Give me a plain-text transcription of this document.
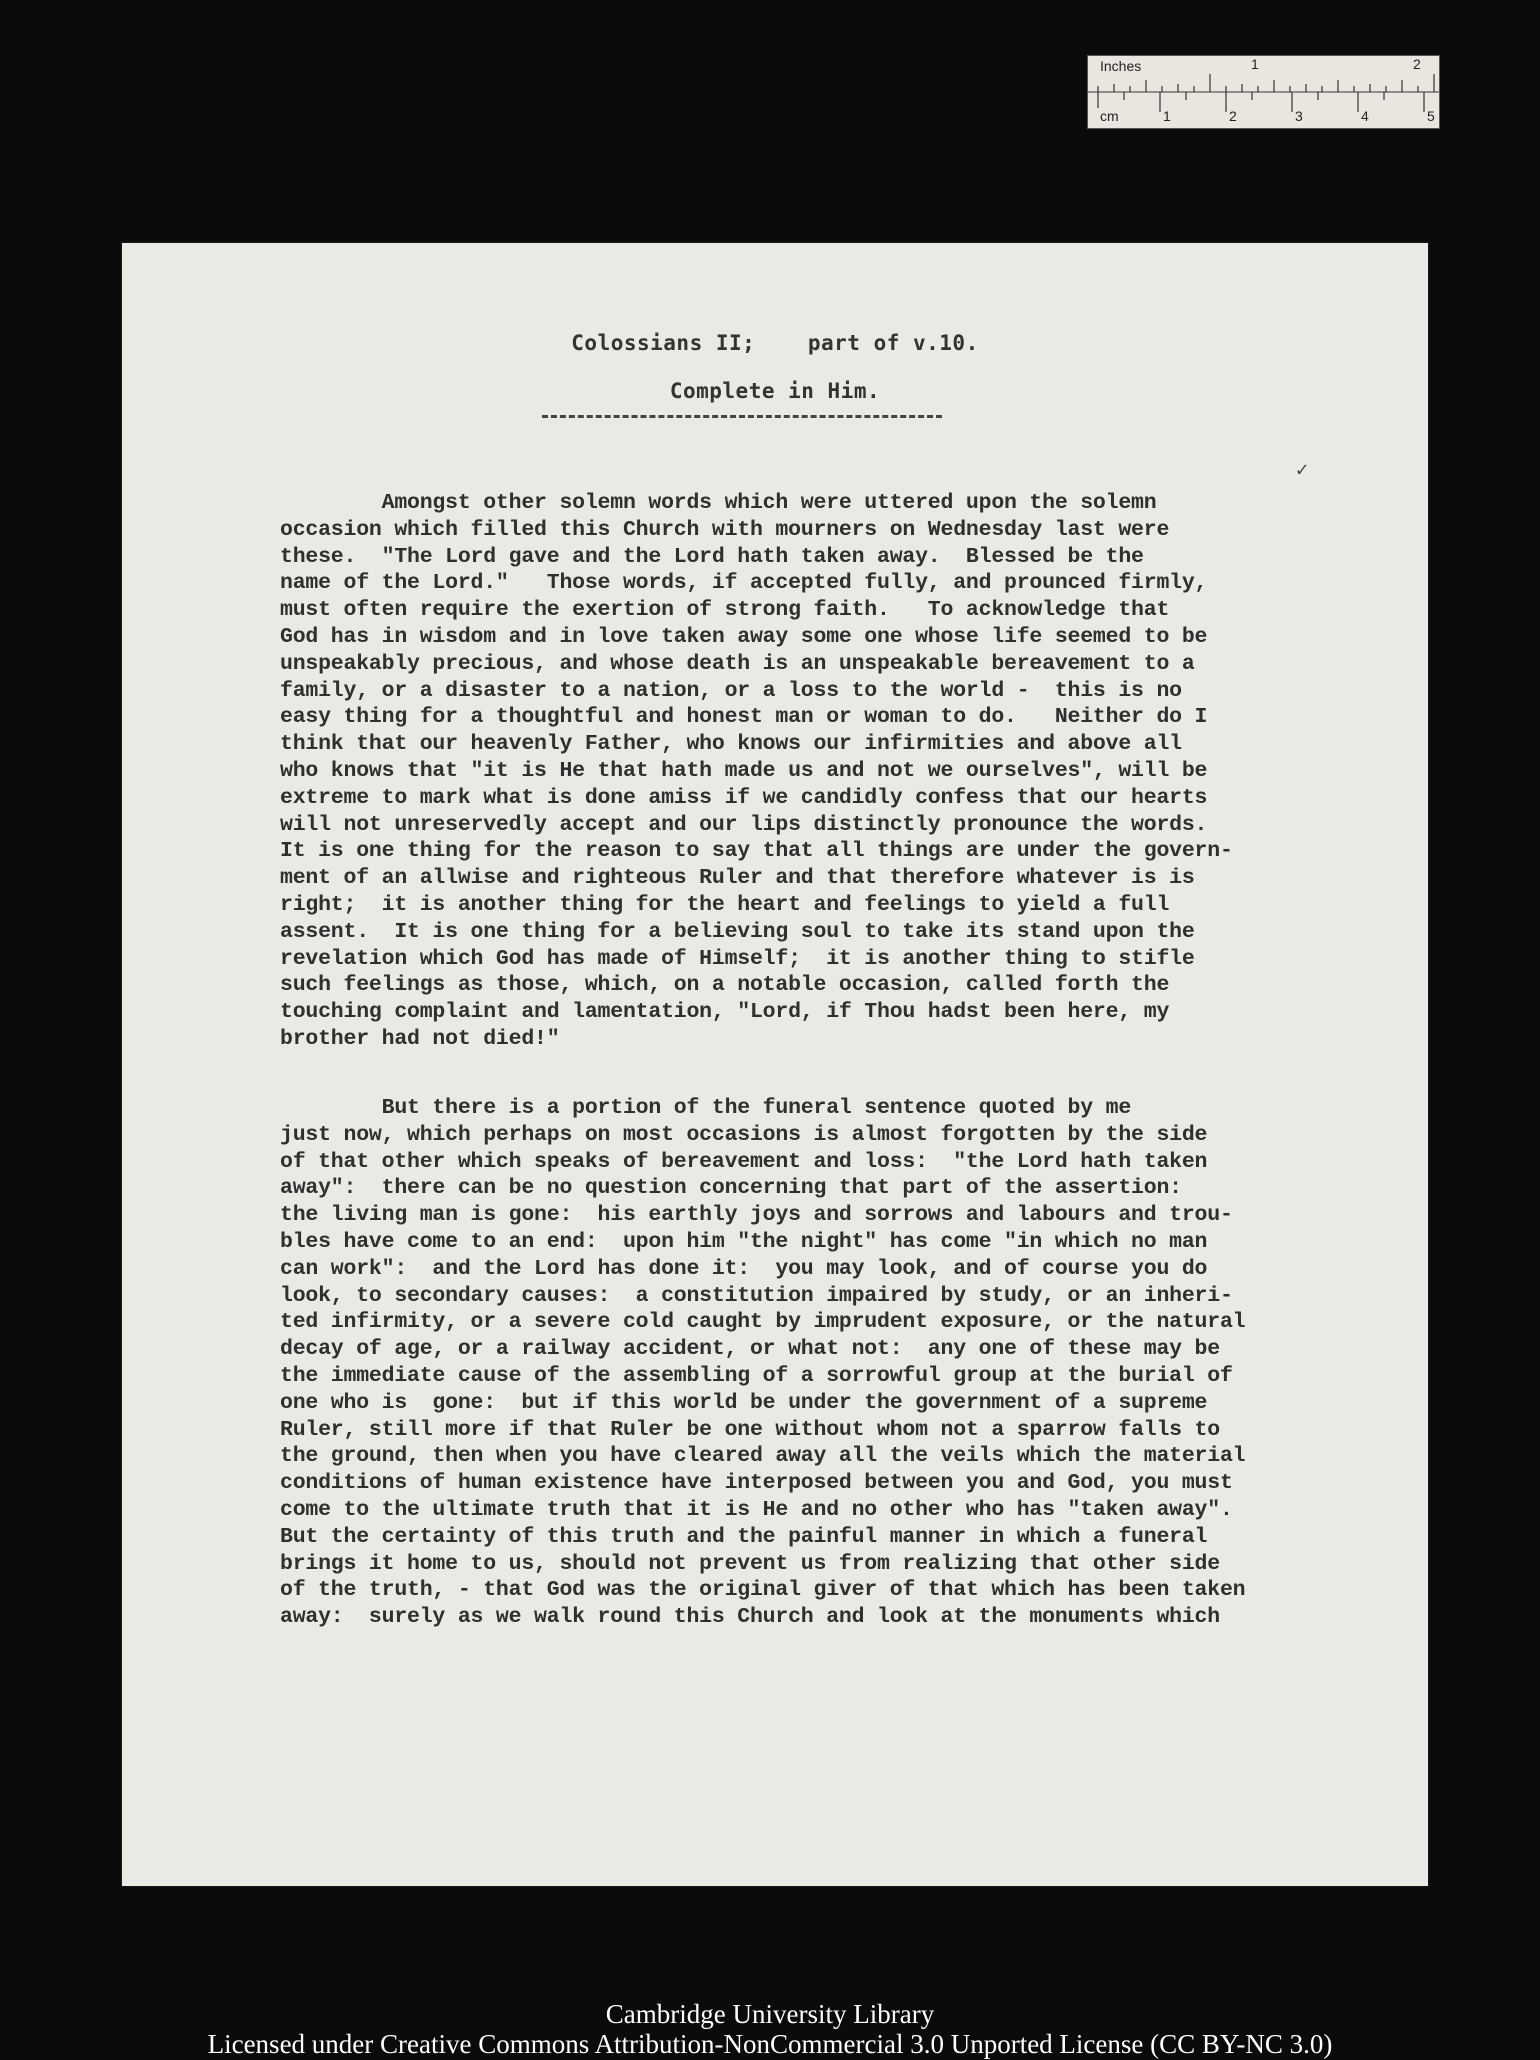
Inches
cm
1	2
1	2	3	4	5
Colossians II;    part of v.10.
Complete in Him.
✓
Amongst other solemn words which were uttered upon the solemn
occasion which filled this Church with mourners on Wednesday last were
these.  "The Lord gave and the Lord hath taken away.  Blessed be the
name of the Lord."   Those words, if accepted fully, and prounced firmly,
must often require the exertion of strong faith.   To acknowledge that
God has in wisdom and in love taken away some one whose life seemed to be
unspeakably precious, and whose death is an unspeakable bereavement to a
family, or a disaster to a nation, or a loss to the world -  this is no
easy thing for a thoughtful and honest man or woman to do.   Neither do I
think that our heavenly Father, who knows our infirmities and above all
who knows that "it is He that hath made us and not we ourselves", will be
extreme to mark what is done amiss if we candidly confess that our hearts
will not unreservedly accept and our lips distinctly pronounce the words.
It is one thing for the reason to say that all things are under the govern-
ment of an allwise and righteous Ruler and that therefore whatever is is
right;  it is another thing for the heart and feelings to yield a full
assent.  It is one thing for a believing soul to take its stand upon the
revelation which God has made of Himself;  it is another thing to stifle
such feelings as those, which, on a notable occasion, called forth the
touching complaint and lamentation, "Lord, if Thou hadst been here, my
brother had not died!"
But there is a portion of the funeral sentence quoted by me
just now, which perhaps on most occasions is almost forgotten by the side
of that other which speaks of bereavement and loss:  "the Lord hath taken
away":  there can be no question concerning that part of the assertion:
the living man is gone:  his earthly joys and sorrows and labours and trou-
bles have come to an end:  upon him "the night" has come "in which no man
can work":  and the Lord has done it:  you may look, and of course you do
look, to secondary causes:  a constitution impaired by study, or an inheri-
ted infirmity, or a severe cold caught by imprudent exposure, or the natural
decay of age, or a railway accident, or what not:  any one of these may be
the immediate cause of the assembling of a sorrowful group at the burial of
one who is  gone:  but if this world be under the government of a supreme
Ruler, still more if that Ruler be one without whom not a sparrow falls to
the ground, then when you have cleared away all the veils which the material
conditions of human existence have interposed between you and God, you must
come to the ultimate truth that it is He and no other who has "taken away".
But the certainty of this truth and the painful manner in which a funeral
brings it home to us, should not prevent us from realizing that other side
of the truth, - that God was the original giver of that which has been taken
away:  surely as we walk round this Church and look at the monuments which
Cambridge University Library
Licensed under Creative Commons Attribution-NonCommercial 3.0 Unported License (CC BY-NC 3.0)
